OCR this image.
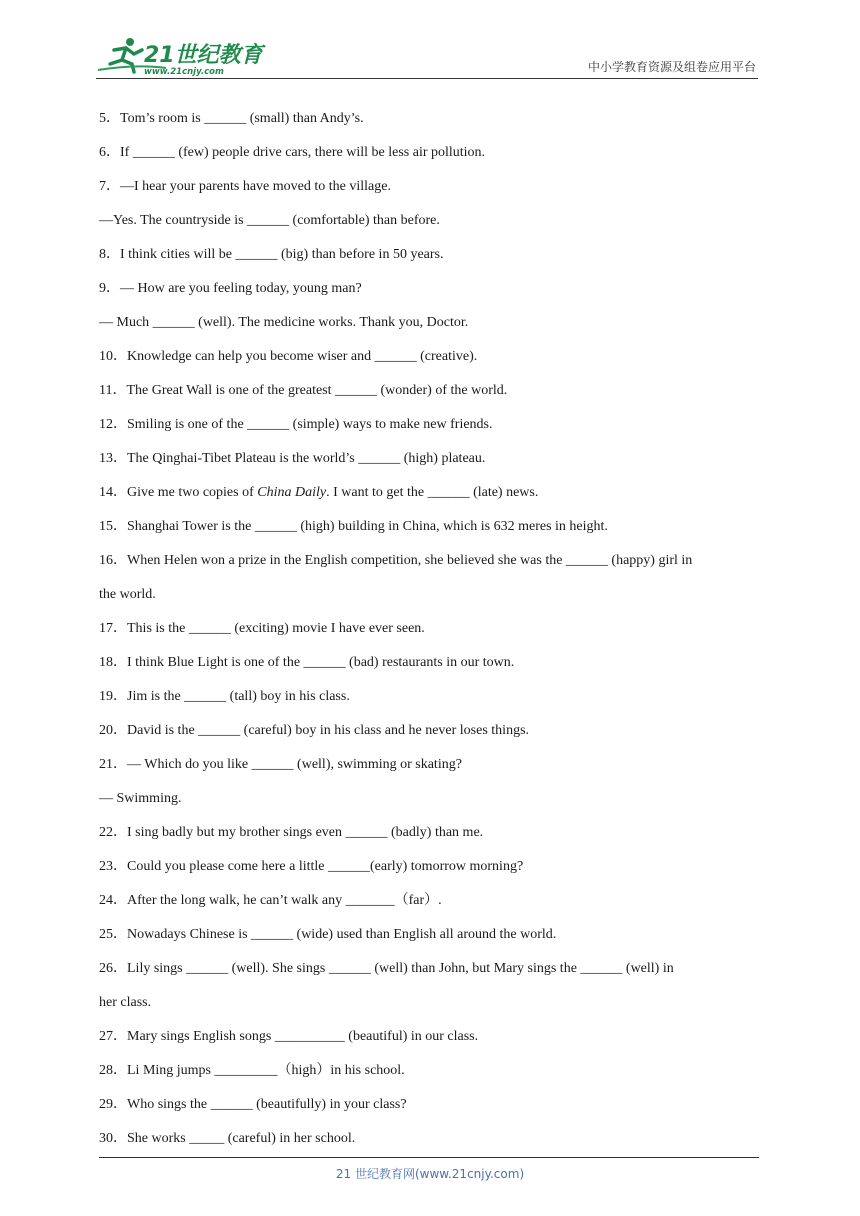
21世纪教育
www.21cnjy.com	中小学教育资源及组卷应用平台
5．Tom’s room is ______ (small) than Andy’s.
6．If ______ (few) people drive cars, there will be less air pollution.
7．—I hear your parents have moved to the village.
—Yes. The countryside is ______ (comfortable) than before.
8．I think cities will be ______ (big) than before in 50 years.
9．— How are you feeling today, young man?
— Much ______ (well). The medicine works. Thank you, Doctor.
10．Knowledge can help you become wiser and ______ (creative).
11．The Great Wall is one of the greatest ______ (wonder) of the world.
12．Smiling is one of the ______ (simple) ways to make new friends.
13．The Qinghai-Tibet Plateau is the world’s ______ (high) plateau.
14．Give me two copies of China Daily. I want to get the ______ (late) news.
15．Shanghai Tower is the ______ (high) building in China, which is 632 meres in height.
16．When Helen won a prize in the English competition, she believed she was the ______ (happy) girl in
the world.
17．This is the ______ (exciting) movie I have ever seen.
18．I think Blue Light is one of the ______ (bad) restaurants in our town.
19．Jim is the ______ (tall) boy in his class.
20．David is the ______ (careful) boy in his class and he never loses things.
21．— Which do you like ______ (well), swimming or skating?
— Swimming.
22．I sing badly but my brother sings even ______ (badly) than me.
23．Could you please come here a little ______(early) tomorrow morning?
24．After the long walk, he can’t walk any _______（far）.
25．Nowadays Chinese is ______ (wide) used than English all around the world.
26．Lily sings ______ (well). She sings ______ (well) than John, but Mary sings the ______ (well) in
her class.
27．Mary sings English songs __________ (beautiful) in our class.
28．Li Ming jumps _________（high）in his school.
29．Who sings the ______ (beautifully) in your class?
30．She works _____ (careful) in her school.
21 世纪教育网(www.21cnjy.com)
